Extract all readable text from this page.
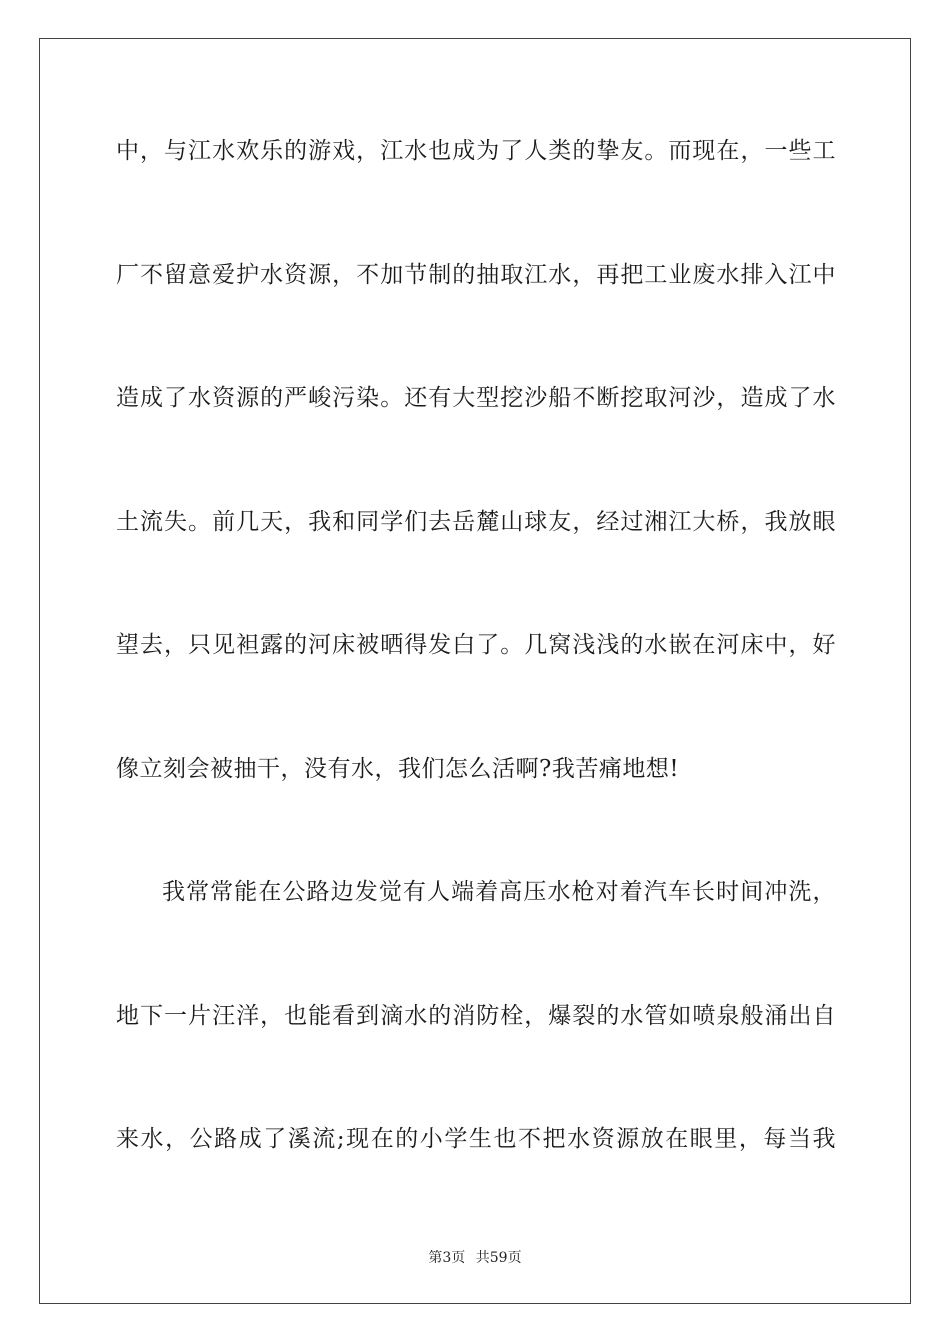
中，与江水欢乐的游戏，江水也成为了人类的挚友。而现在，一些工
厂不留意爱护水资源，不加节制的抽取江水，再把工业废水排入江中
造成了水资源的严峻污染。还有大型挖沙船不断挖取河沙，造成了水
土流失。前几天，我和同学们去岳麓山球友，经过湘江大桥，我放眼
望去，只见袒露的河床被晒得发白了。几窝浅浅的水嵌在河床中，好
像立刻会被抽干，没有水，我们怎么活啊?我苦痛地想!
我常常能在公路边发觉有人端着高压水枪对着汽车长时间冲洗，
地下一片汪洋，也能看到滴水的消防栓，爆裂的水管如喷泉般涌出自
来水，公路成了溪流;现在的小学生也不把水资源放在眼里，每当我
第3页 共59页
